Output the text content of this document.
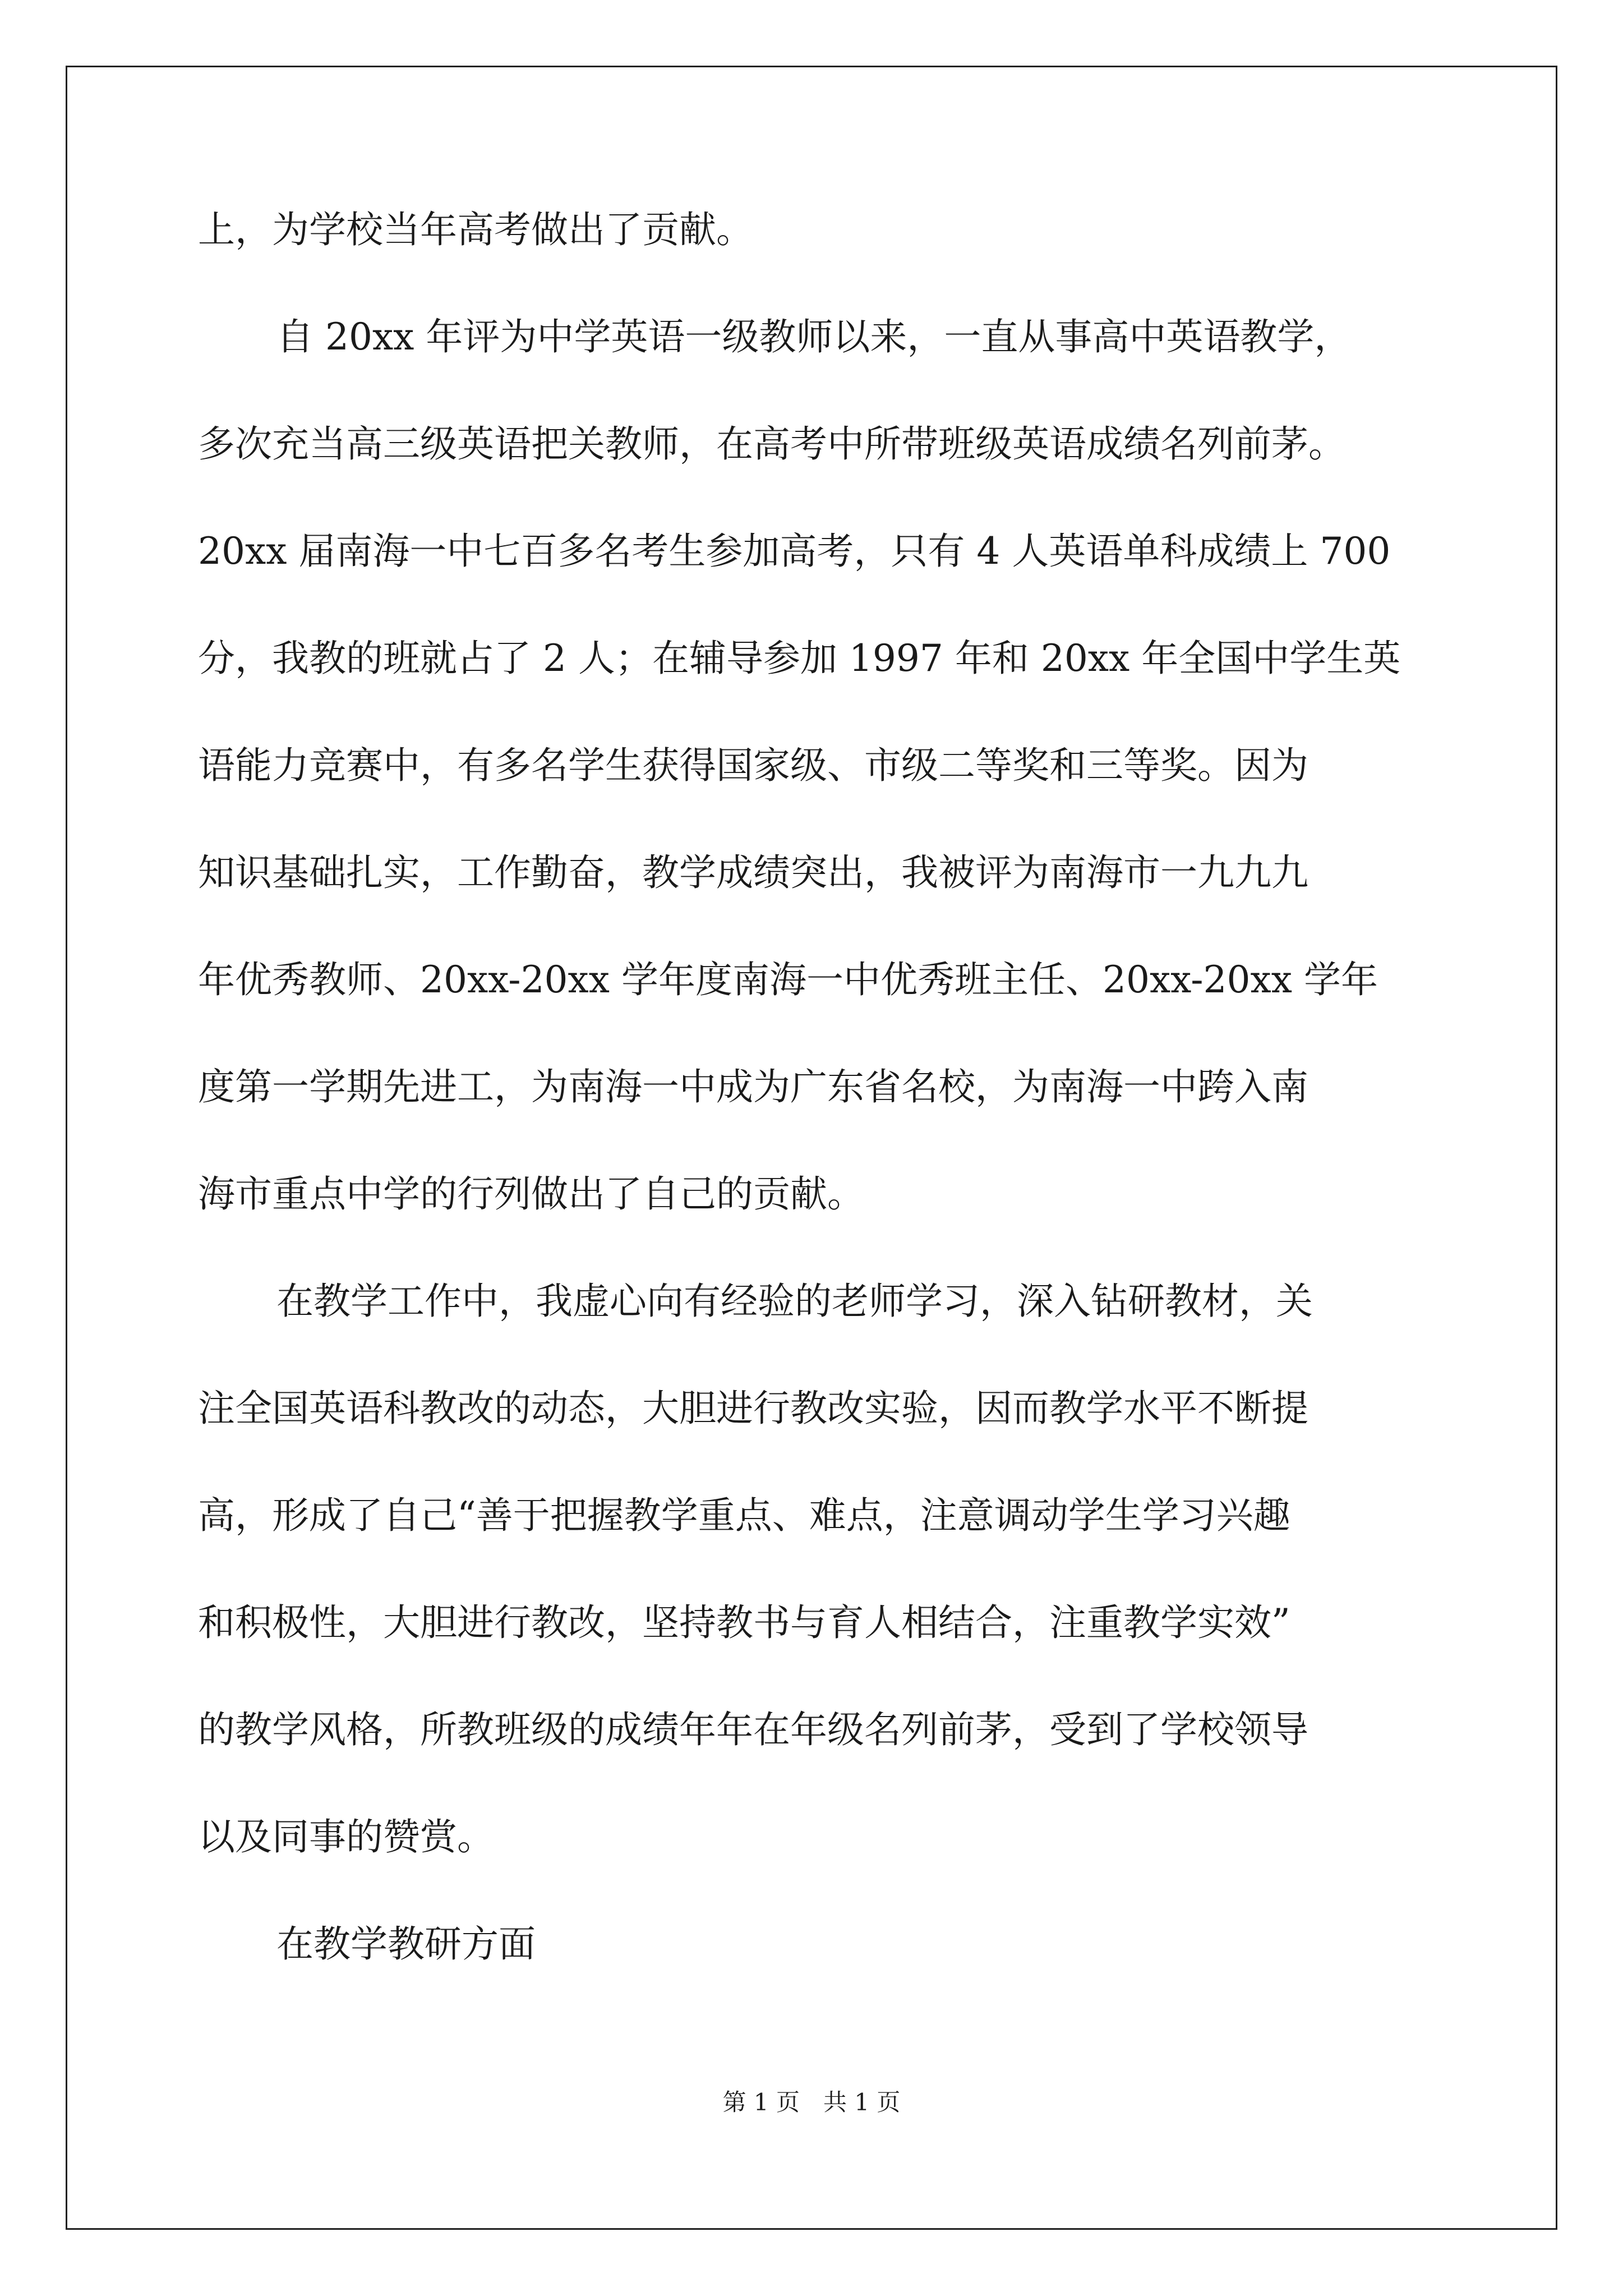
上，为学校当年高考做出了贡献。
自 20xx 年评为中学英语一级教师以来，一直从事高中英语教学，
多次充当高三级英语把关教师，在高考中所带班级英语成绩名列前茅。
20xx 届南海一中七百多名考生参加高考，只有 4 人英语单科成绩上 700
分，我教的班就占了 2 人；在辅导参加 1997 年和 20xx 年全国中学生英
语能力竞赛中，有多名学生获得国家级、市级二等奖和三等奖。因为
知识基础扎实，工作勤奋，教学成绩突出，我被评为南海市一九九九
年优秀教师、20xx-20xx 学年度南海一中优秀班主任、20xx-20xx 学年
度第一学期先进工，为南海一中成为广东省名校，为南海一中跨入南
海市重点中学的行列做出了自己的贡献。
在教学工作中，我虚心向有经验的老师学习，深入钻研教材，关
注全国英语科教改的动态，大胆进行教改实验，因而教学水平不断提
高，形成了自己“善于把握教学重点、难点，注意调动学生学习兴趣
和积极性，大胆进行教改，坚持教书与育人相结合，注重教学实效”
的教学风格，所教班级的成绩年年在年级名列前茅，受到了学校领导
以及同事的赞赏。
在教学教研方面
第 1 页　共 1 页
